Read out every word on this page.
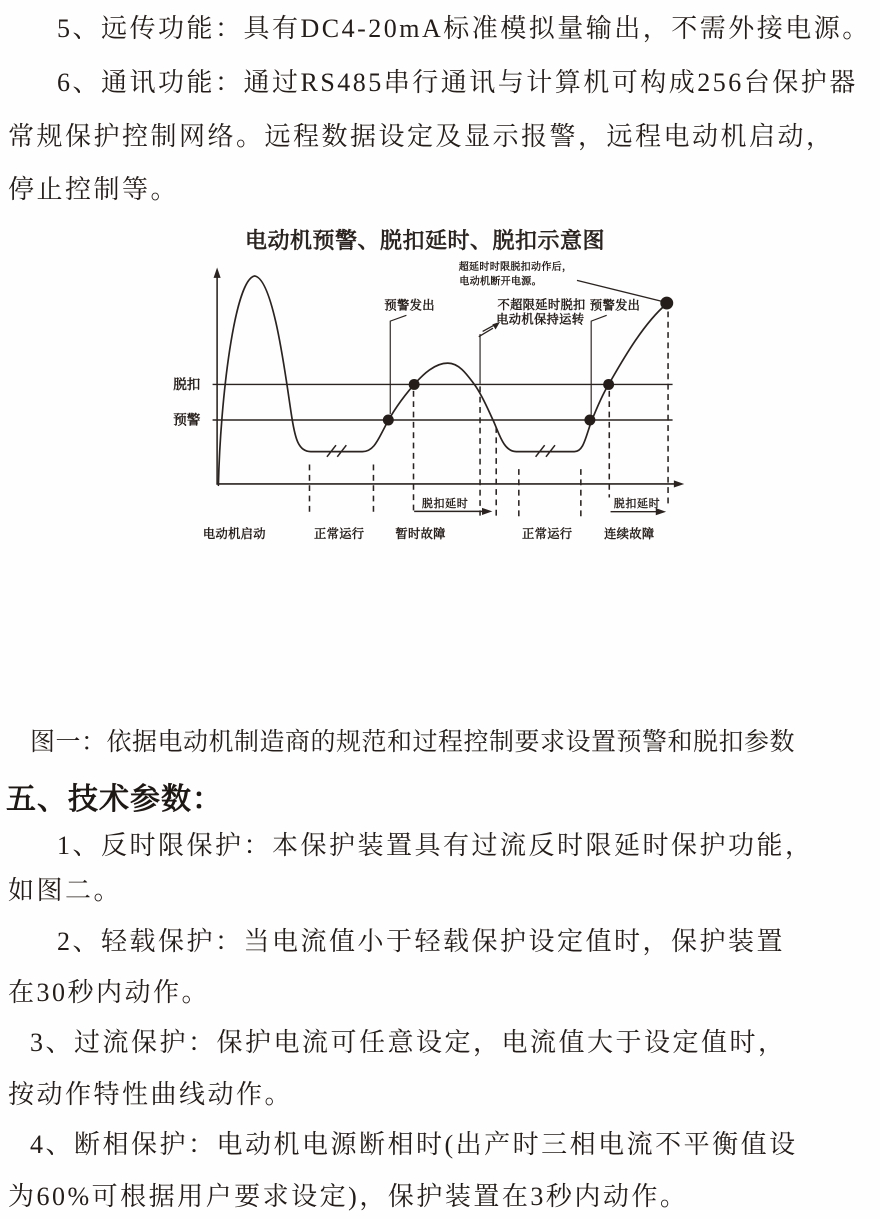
5、远传功能：具有DC4-20mA标准模拟量输出，不需外接电源。
6、通讯功能：通过RS485串行通讯与计算机可构成256台保护器
常规保护控制网络。远程数据设定及显示报警，远程电动机启动，
停止控制等。
电动机预警、脱扣延时、脱扣示意图
脱扣
预警
电动机启动	正常运行 暂时故障	正常运行 连续故障
脱扣延时	脱扣延时
预警发出	预警发出
不超限延时脱扣
电动机保持运转
超延时时限脱扣动作后，
电动机断开电源。
图一：依据电动机制造商的规范和过程控制要求设置预警和脱扣参数
五、技术参数：
1、反时限保护：本保护装置具有过流反时限延时保护功能，
如图二。
2、轻载保护：当电流值小于轻载保护设定值时，保护装置
在30秒内动作。
3、过流保护：保护电流可任意设定，电流值大于设定值时，
按动作特性曲线动作。
4、断相保护：电动机电源断相时(出产时三相电流不平衡值设
为60%可根据用户要求设定)，保护装置在3秒内动作。
